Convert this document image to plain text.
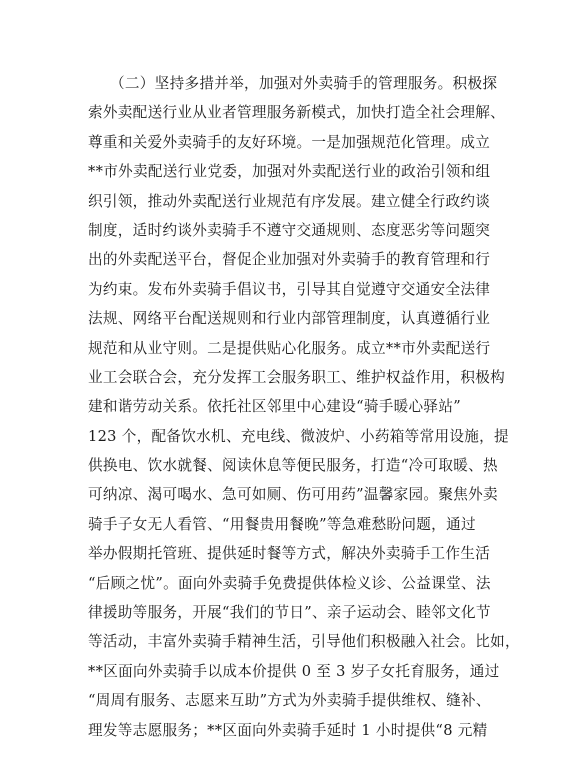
（二）坚持多措并举，加强对外卖骑手的管理服务。积极探
索外卖配送行业从业者管理服务新模式，加快打造全社会理解、
尊重和关爱外卖骑手的友好环境。一是加强规范化管理。成立
**市外卖配送行业党委，加强对外卖配送行业的政治引领和组
织引领，推动外卖配送行业规范有序发展。建立健全行政约谈
制度，适时约谈外卖骑手不遵守交通规则、态度恶劣等问题突
出的外卖配送平台，督促企业加强对外卖骑手的教育管理和行
为约束。发布外卖骑手倡议书，引导其自觉遵守交通安全法律
法规、网络平台配送规则和行业内部管理制度，认真遵循行业
规范和从业守则。二是提供贴心化服务。成立**市外卖配送行
业工会联合会，充分发挥工会服务职工、维护权益作用，积极构
建和谐劳动关系。依托社区邻里中心建设“骑手暖心驿站”
123 个，配备饮水机、充电线、微波炉、小药箱等常用设施，提
供换电、饮水就餐、阅读休息等便民服务，打造“冷可取暖、热
可纳凉、渴可喝水、急可如厕、伤可用药”温馨家园。聚焦外卖
骑手子女无人看管、“用餐贵用餐晚”等急难愁盼问题，通过
举办假期托管班、提供延时餐等方式，解决外卖骑手工作生活
“后顾之忧”。面向外卖骑手免费提供体检义诊、公益课堂、法
律援助等服务，开展“我们的节日”、亲子运动会、睦邻文化节
等活动，丰富外卖骑手精神生活，引导他们积极融入社会。比如，
**区面向外卖骑手以成本价提供 0 至 3 岁子女托育服务，通过
“周周有服务、志愿来互助”方式为外卖骑手提供维权、缝补、
理发等志愿服务；**区面向外卖骑手延时 1 小时提供“8 元精
